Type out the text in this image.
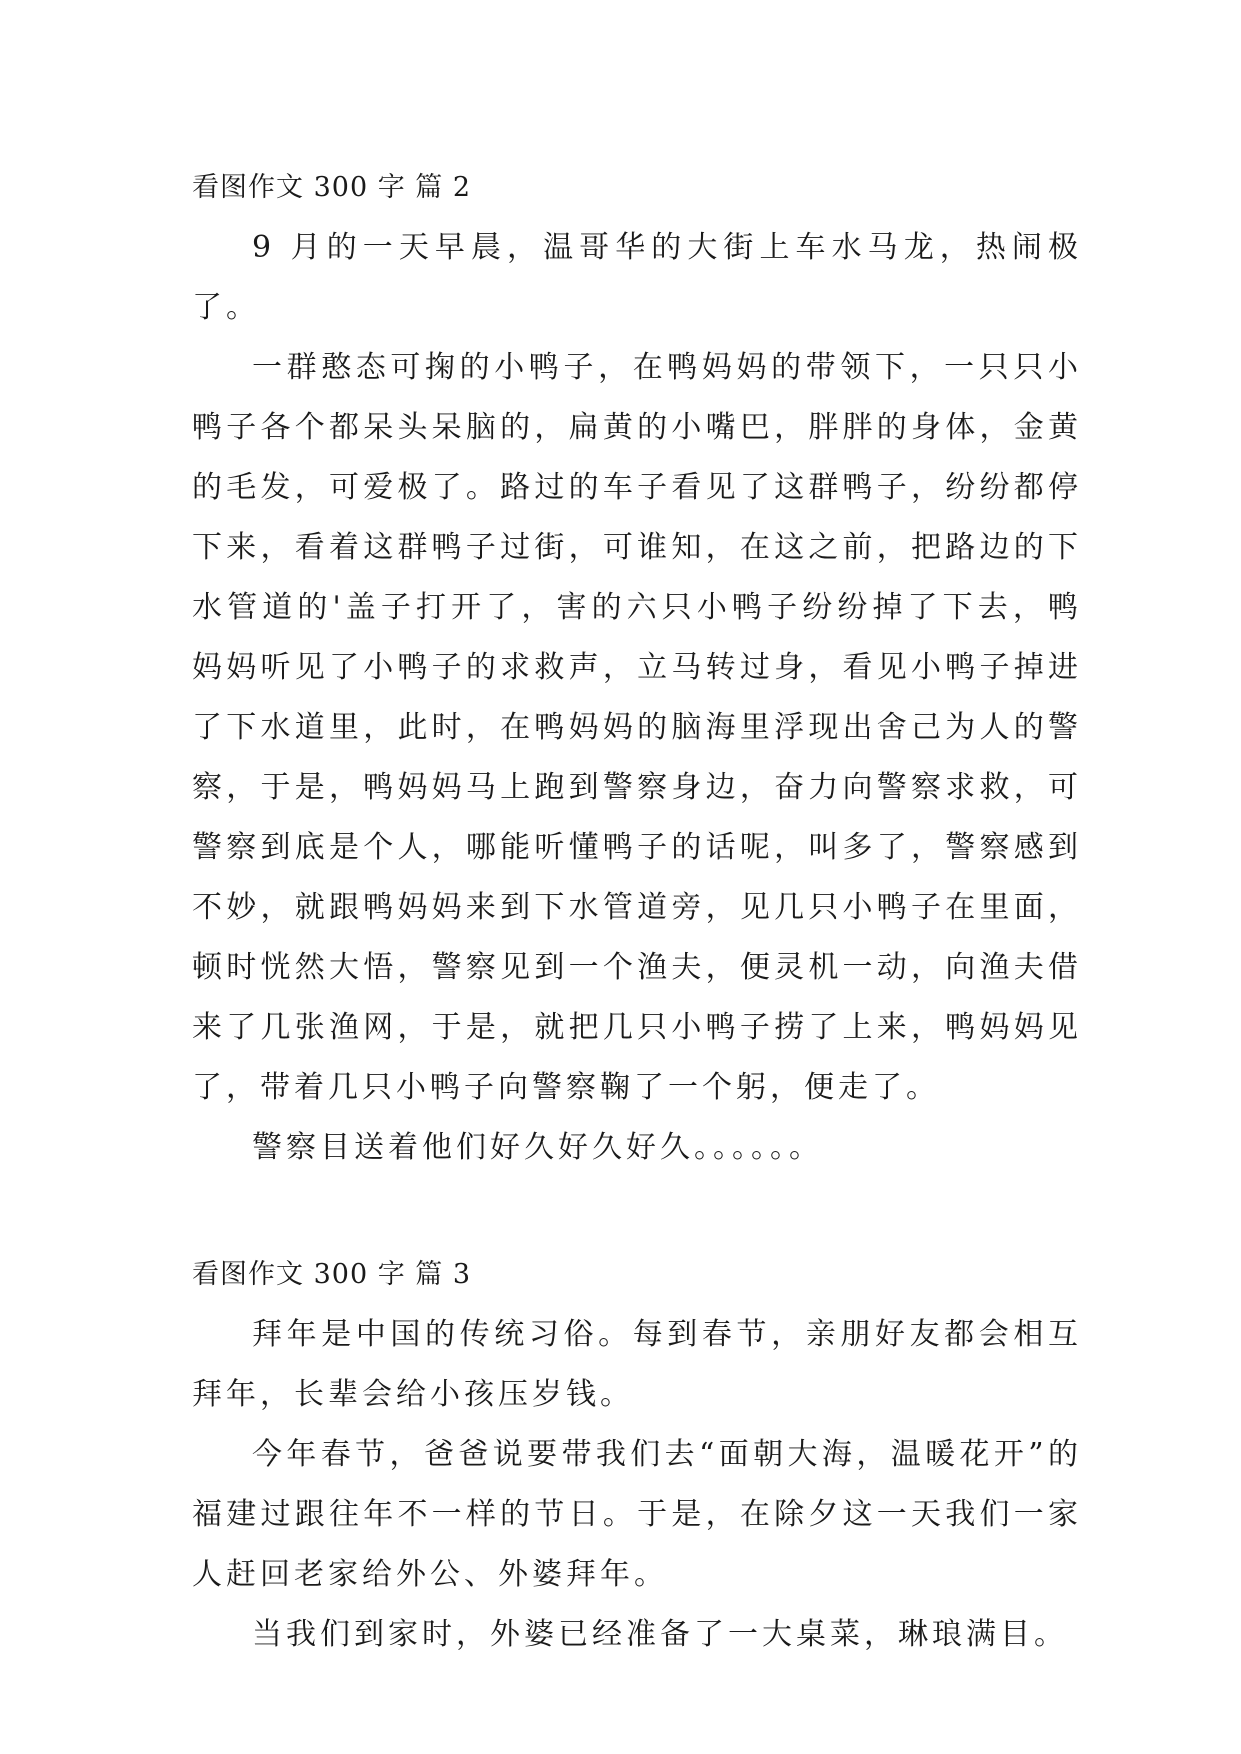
看图作文 300 字 篇 2

9 月的一天早晨，温哥华的大街上车水马龙，热闹极了。

一群憨态可掬的小鸭子，在鸭妈妈的带领下，一只只小鸭子各个都呆头呆脑的，扁黄的小嘴巴，胖胖的身体，金黄的毛发，可爱极了。路过的车子看见了这群鸭子，纷纷都停下来，看着这群鸭子过街，可谁知，在这之前，把路边的下水管道的'盖子打开了，害的六只小鸭子纷纷掉了下去，鸭妈妈听见了小鸭子的求救声，立马转过身，看见小鸭子掉进了下水道里，此时，在鸭妈妈的脑海里浮现出舍己为人的警察，于是，鸭妈妈马上跑到警察身边，奋力向警察求救，可警察到底是个人，哪能听懂鸭子的话呢，叫多了，警察感到不妙，就跟鸭妈妈来到下水管道旁，见几只小鸭子在里面，顿时恍然大悟，警察见到一个渔夫，便灵机一动，向渔夫借来了几张渔网，于是，就把几只小鸭子捞了上来，鸭妈妈见了，带着几只小鸭子向警察鞠了一个躬，便走了。

警察目送着他们好久好久好久。。。。。。

看图作文 300 字 篇 3

拜年是中国的传统习俗。每到春节，亲朋好友都会相互拜年，长辈会给小孩压岁钱。

今年春节，爸爸说要带我们去“面朝大海，温暖花开”的福建过跟往年不一样的节日。于是，在除夕这一天我们一家人赶回老家给外公、外婆拜年。

当我们到家时，外婆已经准备了一大桌菜，琳琅满目。
